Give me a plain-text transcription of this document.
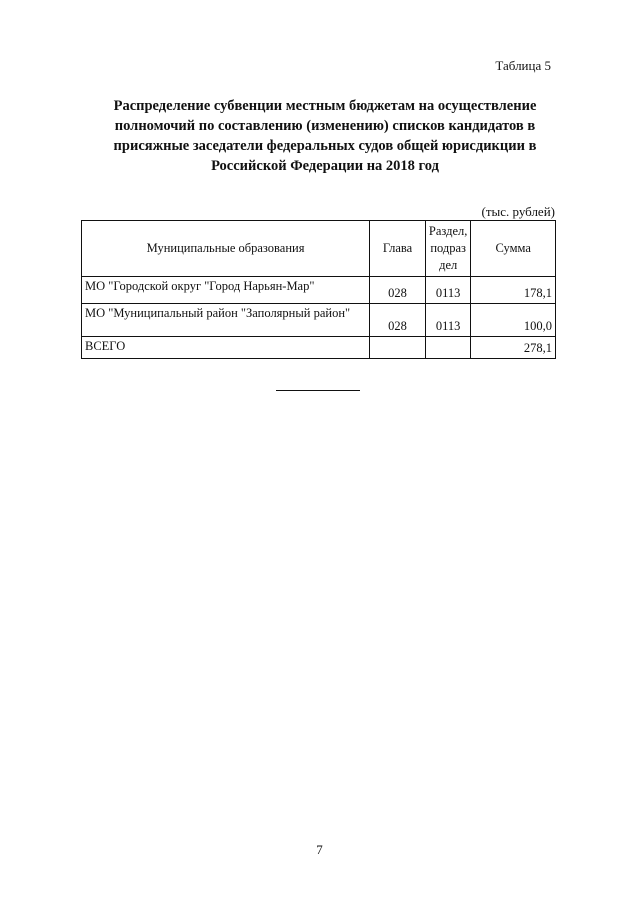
Таблица 5
Распределение субвенции местным бюджетам на осуществление
полномочий по составлению (изменению) списков кандидатов в
присяжные заседатели федеральных судов общей юрисдикции в
Российской Федерации на 2018 год
(тыс. рублей)
Муниципальные образования	Глава	Раздел, подраз дел	Сумма
МО "Городской округ "Город Нарьян-Мар"	028	0113	178,1
МО "Муниципальный район "Заполярный район"	028	0113	100,0
ВСЕГО			278,1
7
